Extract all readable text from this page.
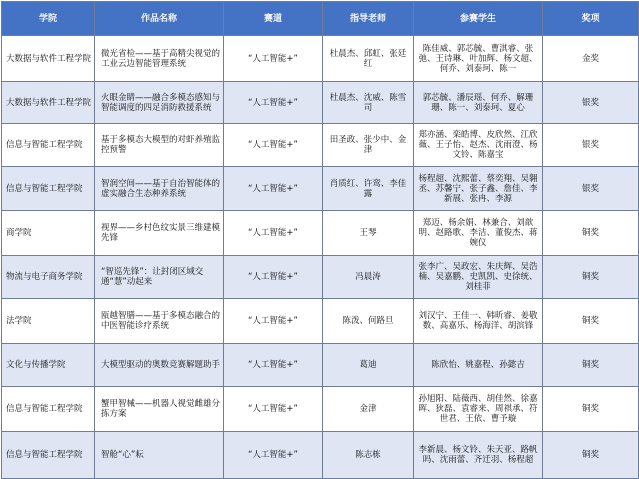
学院	作品名称	赛道	指导老师	参赛学生	奖项
大数据与软件工程学院	微光省检——基于高精尖视觉的工业云边智能管理系统	“人工智能+”	杜晨杰、邱虹、张廷红	陈佳威、郭芯毓、曹淇睿、张弛、王诗琳、叶加辉、杨文超、何乔、刘泰珂、陈一	金奖
大数据与软件工程学院	火眼金睛——融合多模态感知与智能调度的四足消防救援系统	“人工智能+”	杜晨杰、沈威、陈雪司	郭芯毓、潘辰瑶、何乔、解珊珊、陈一、刘泰珂、夏心	银奖
信息与智能工程学院	基于多模态大模型的对虾养殖监控预警	“人工智能+”	田圣政、张少中、金津	郑亦涵、栾皓博、皮欣然、江欣薇、王子怡、赵杰、沈雨澄、杨文铃、陈嘉宝	银奖
信息与智能工程学院	智润空间——基于自治智能体的虚实融合生态种养系统	“人工智能+”	肖质红、许鸾、李佳露	杨程超、沈熙蕾、蔡奕翔、吴翱丞、苏馨宁、张子鑫、詹佳、李新展、张冉、李源	银奖
商学院	视界——乡村色纹实景三维建模先锋	“人工智能+”	王琴	郑迈、杨余娟、林兼合、刘歆明、赵路歌、李洁、董俊杰、蒋婉仪	铜奖
物流与电子商务学院	“智巡先锋”：让封闭区域交通“慧”动起来	“人工智能+”	冯晨涛	张李广、吴政宏、朱庆辉、吴浩楠、吴嘉鹏、史凯凯、史徐统、刘桂菲	铜奖
法学院	瓯越智膳——基于多模态融合的中医智能诊疗系统	“人工智能+”	陈泼、何路旦	刘汉宁、王佳一、韩昕睿、姜敬数、高嘉乐、杨海洋、胡滨锋	铜奖
文化与传播学院	大模型驱动的奥数竞赛解题助手	“人工智能+”	葛迪	陈欣怡、姚嘉程、孙懿吉	铜奖
信息与智能工程学院	蟹甲智械——机器人视觉雌雄分拣方案	“人工智能+”	金津	孙旭阳、陆薇西、胡佳然、徐嘉晖、狄磊、袁睿来、周祺承、符世君、王依、曹予璇	铜奖
信息与智能工程学院	智舱“心”耘	“人工智能+”	陈志栋	李新晨、杨文铃、朱天亚、路帆吗、沈雨蕾、齐迁羽、杨程超	铜奖
